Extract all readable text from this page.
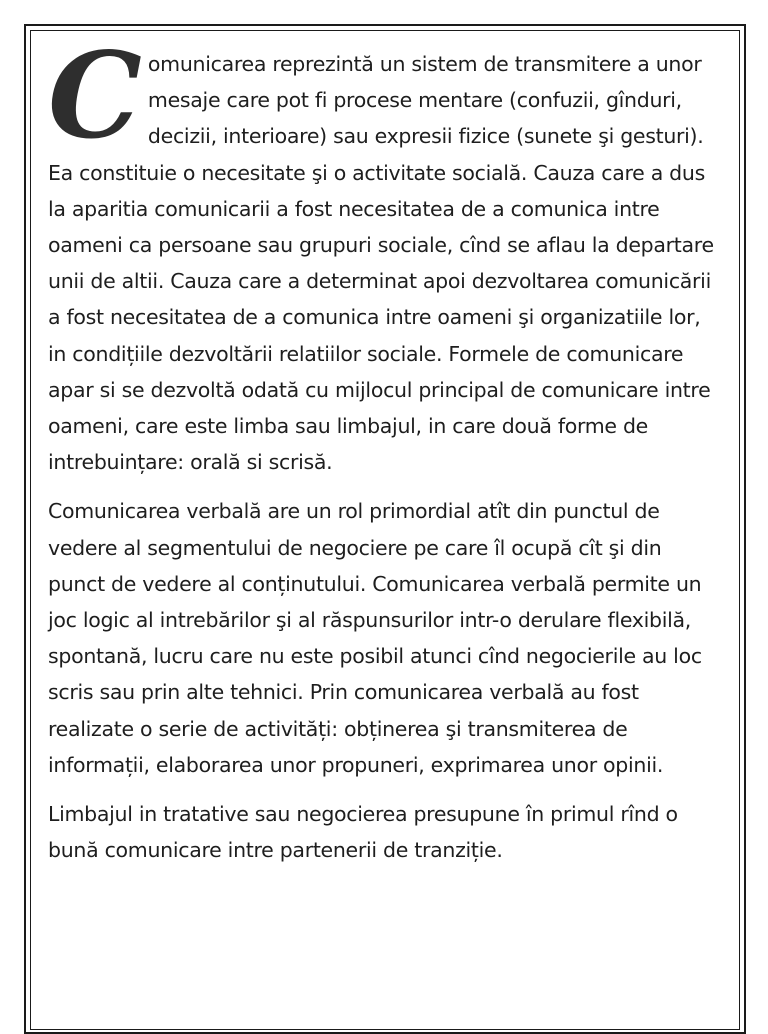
Comunicarea reprezintă un sistem de transmitere a unor mesaje care pot fi procese mentare (confuzii, gînduri, decizii, interioare) sau expresii fizice (sunete şi gesturi). Ea constituie o necesitate şi o activitate socială. Cauza care a dus la aparitia comunicarii a fost necesitatea de a comunica intre oameni ca persoane sau grupuri sociale, cînd se aflau la departare unii de altii. Cauza care a determinat apoi dezvoltarea comunicării a fost necesitatea de a comunica intre oameni şi organizatiile lor, in condițiile dezvoltării relatiilor sociale. Formele de comunicare apar si se dezvoltă odată cu mijlocul principal de comunicare intre oameni, care este limba sau limbajul, in care două forme de intrebuințare: orală si scrisă.

Comunicarea verbală are un rol primordial atît din punctul de vedere al segmentului de negociere pe care îl ocupă cît şi din punct de vedere al conținutului. Comunicarea verbală permite un joc logic al intrebărilor şi al răspunsurilor intr-o derulare flexibilă, spontană, lucru care nu este posibil atunci cînd negocierile au loc scris sau prin alte tehnici. Prin comunicarea verbală au fost realizate o serie de activități: obținerea şi transmiterea de informații, elaborarea unor propuneri, exprimarea unor opinii.

Limbajul in tratative sau negocierea presupune în primul rînd o bună comunicare intre partenerii de tranziție.
